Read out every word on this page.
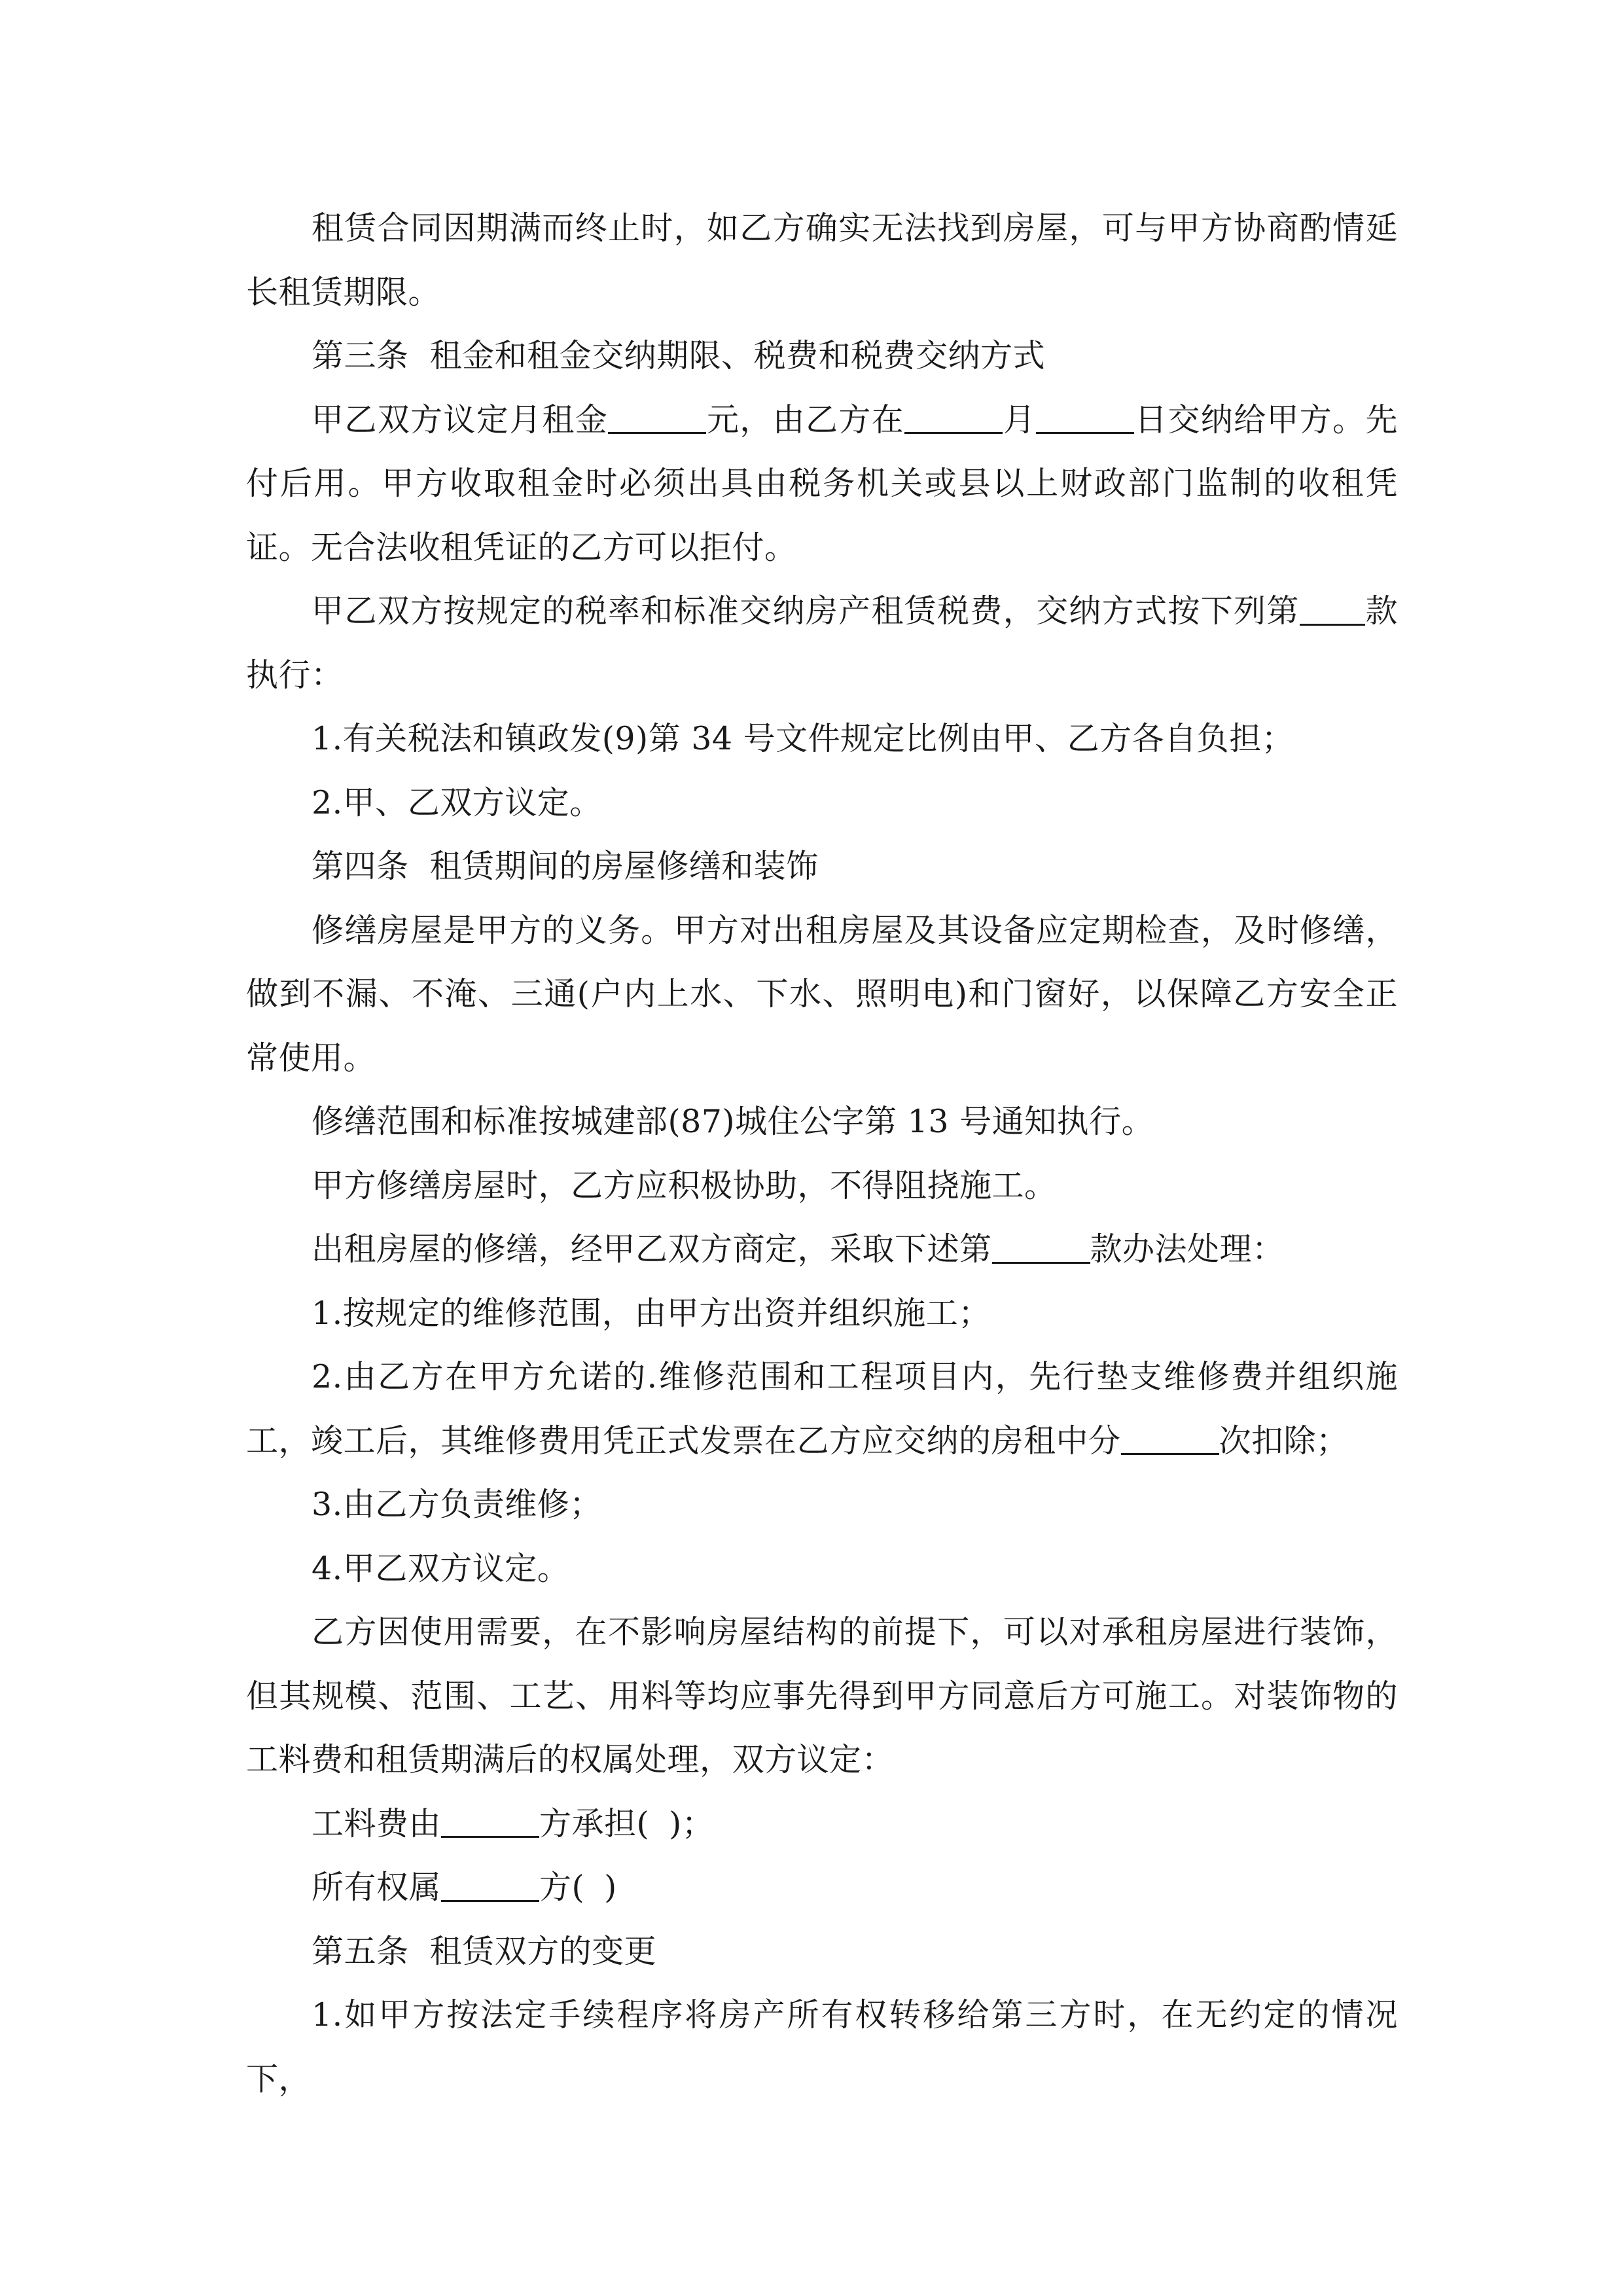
租赁合同因期满而终止时，如乙方确实无法找到房屋，可与甲方协商酌情延长租赁期限。

第三条  租金和租金交纳期限、税费和税费交纳方式

甲乙双方议定月租金	元，由乙方在	月	日交纳给甲方。先付后用。甲方收取租金时必须出具由税务机关或县以上财政部门监制的收租凭证。无合法收租凭证的乙方可以拒付。

甲乙双方按规定的税率和标准交纳房产租赁税费，交纳方式按下列第 款执行：

1.有关税法和镇政发(9)第 34 号文件规定比例由甲、乙方各自负担；

2.甲、乙双方议定。

第四条  租赁期间的房屋修缮和装饰

修缮房屋是甲方的义务。甲方对出租房屋及其设备应定期检查，及时修缮，做到不漏、不淹、三通(户内上水、下水、照明电)和门窗好，以保障乙方安全正常使用。

修缮范围和标准按城建部(87)城住公字第 13 号通知执行。

甲方修缮房屋时，乙方应积极协助，不得阻挠施工。

出租房屋的修缮，经甲乙双方商定，采取下述第	款办法处理：

1.按规定的维修范围，由甲方出资并组织施工；

2.由乙方在甲方允诺的.维修范围和工程项目内，先行垫支维修费并组织施工，竣工后，其维修费用凭正式发票在乙方应交纳的房租中分	次扣除；

3.由乙方负责维修；

4.甲乙双方议定。

乙方因使用需要，在不影响房屋结构的前提下，可以对承租房屋进行装饰，但其规模、范围、工艺、用料等均应事先得到甲方同意后方可施工。对装饰物的工料费和租赁期满后的权属处理，双方议定：

工料费由	方承担( )；

所有权属	方( )

第五条  租赁双方的变更

1.如甲方按法定手续程序将房产所有权转移给第三方时，在无约定的情况下，
